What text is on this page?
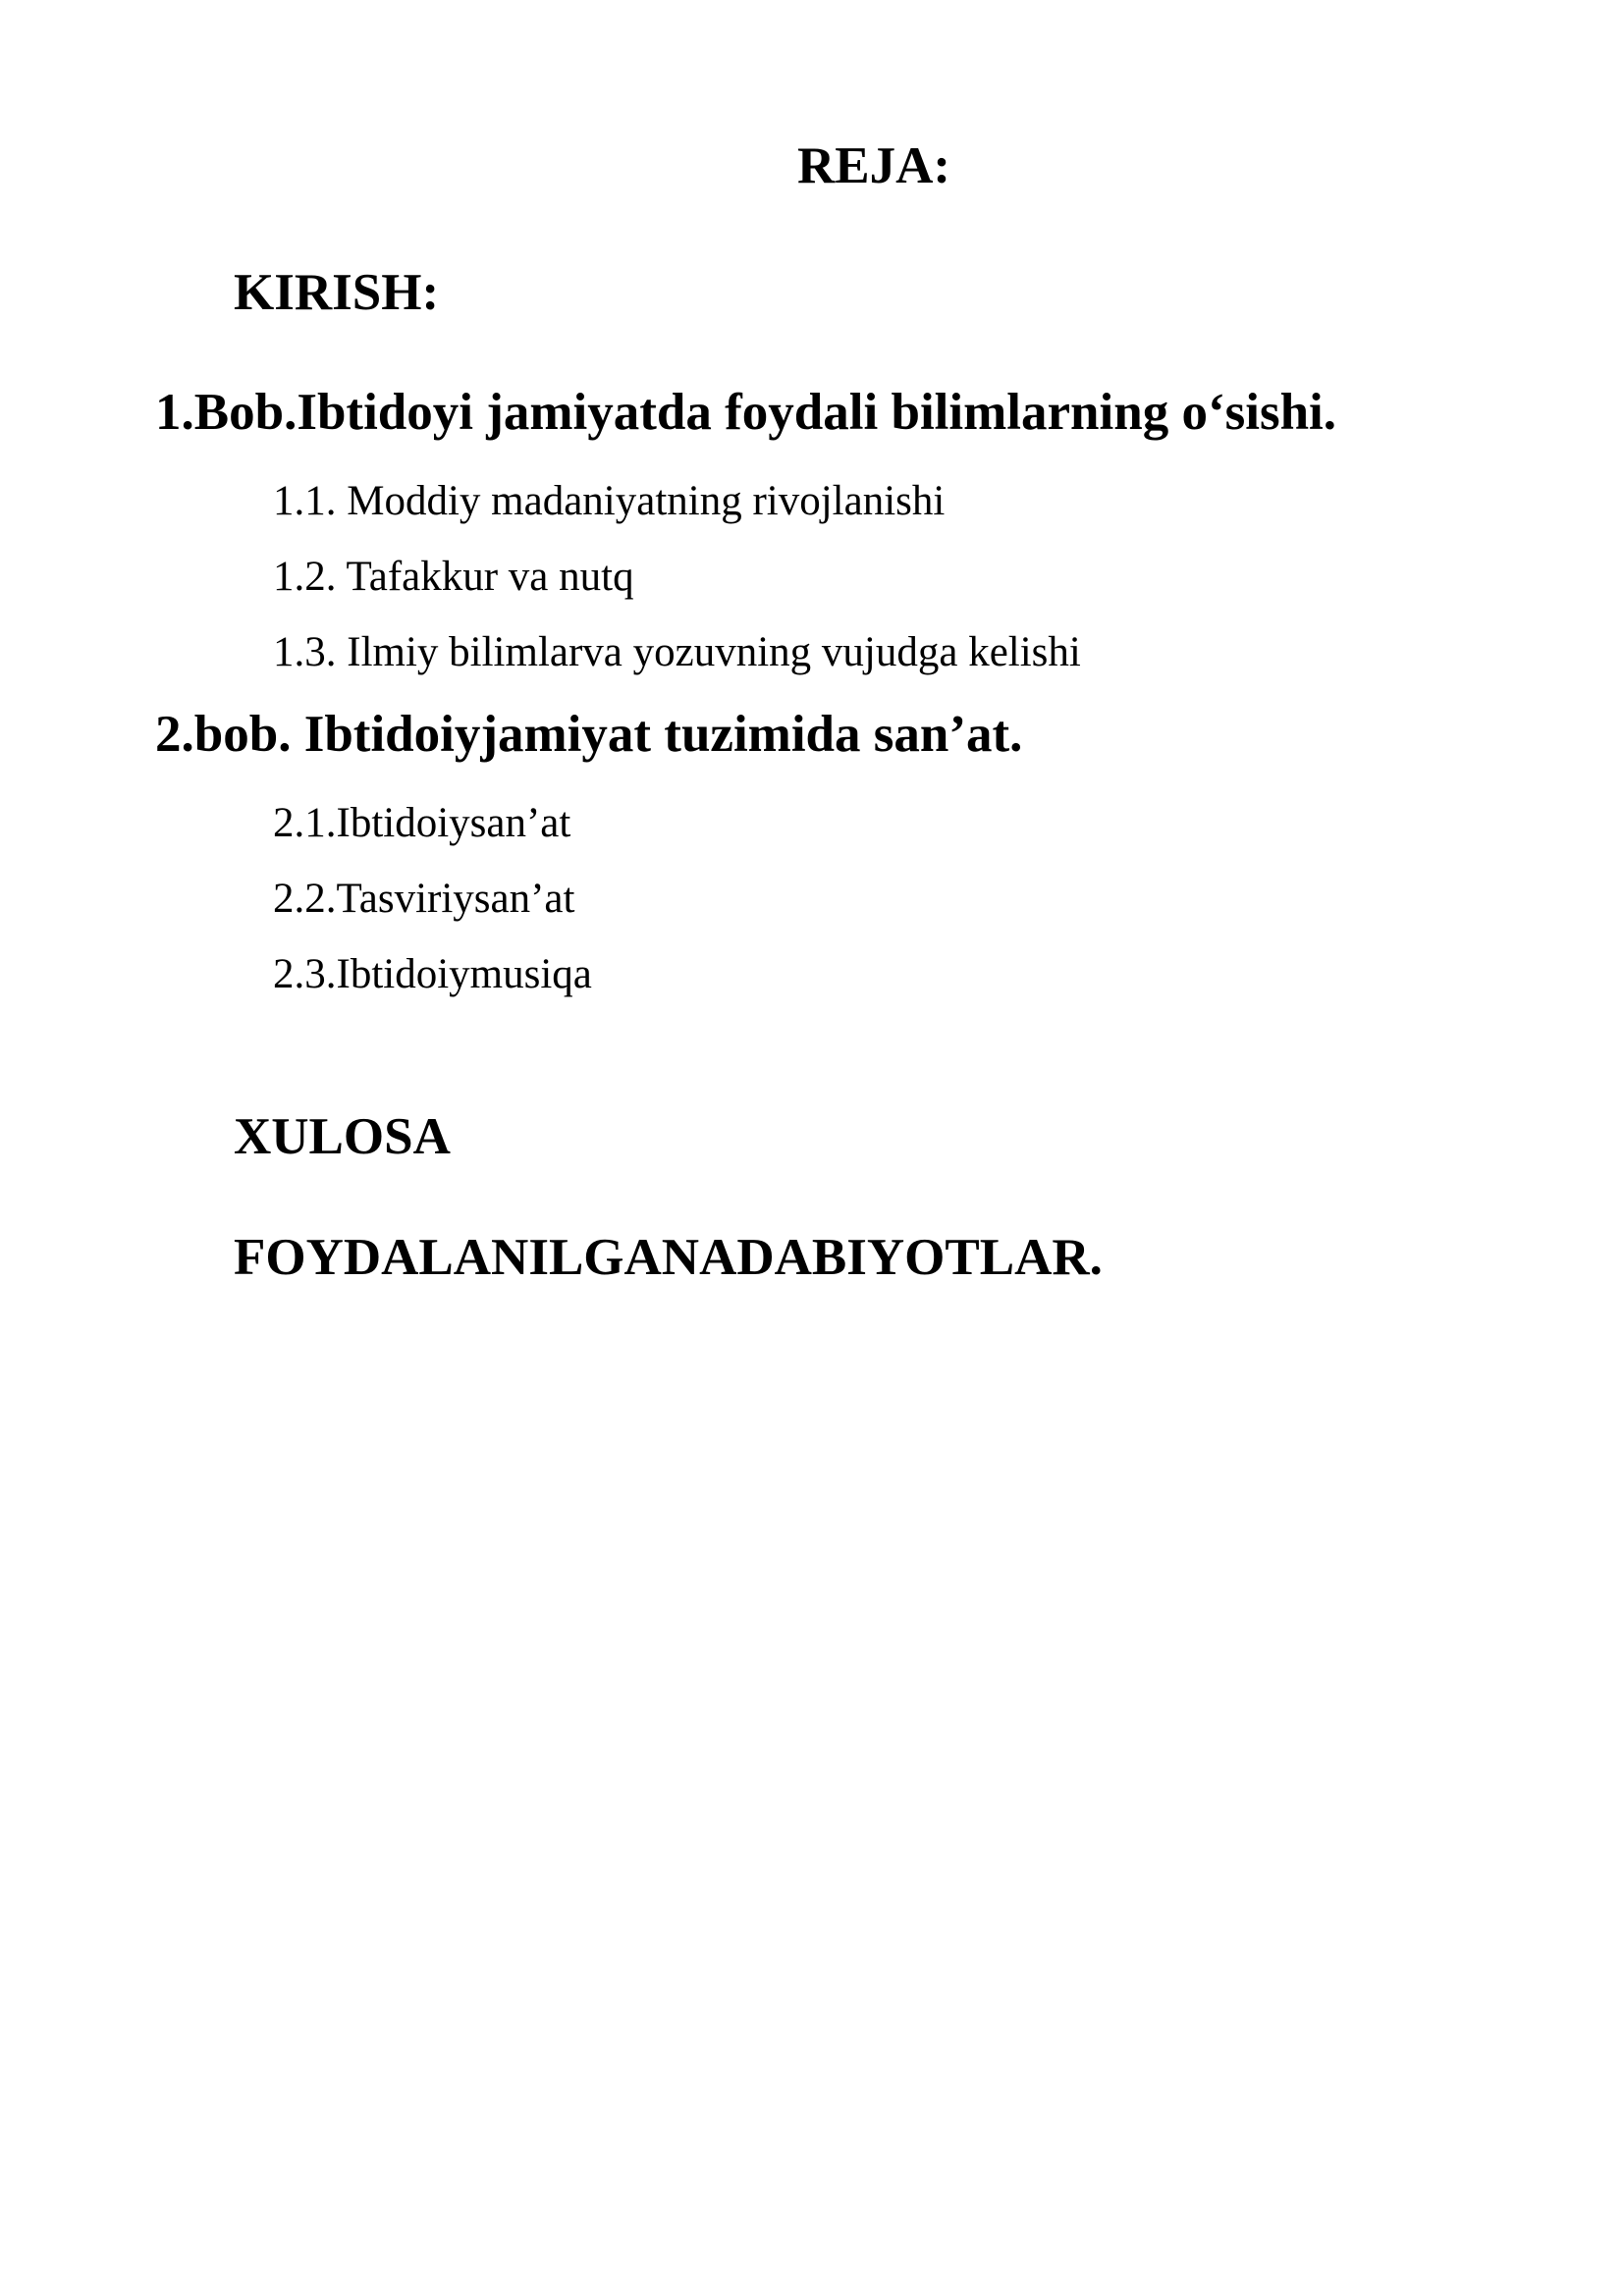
REJA:
KIRISH:
1.Bob.Ibtidoyi jamiyatda foydali bilimlarning o‘sishi.
1.1. Moddiy madaniyatning rivojlanishi
1.2. Tafakkur va nutq
1.3. Ilmiy bilimlarva yozuvning vujudga kelishi
2.bob. Ibtidoiyjamiyat tuzimida san’at.
2.1.Ibtidoiysan’at
2.2.Tasviriysan’at
2.3.Ibtidoiymusiqa
XULOSA
FOYDALANILGANADABIYOTLAR.
